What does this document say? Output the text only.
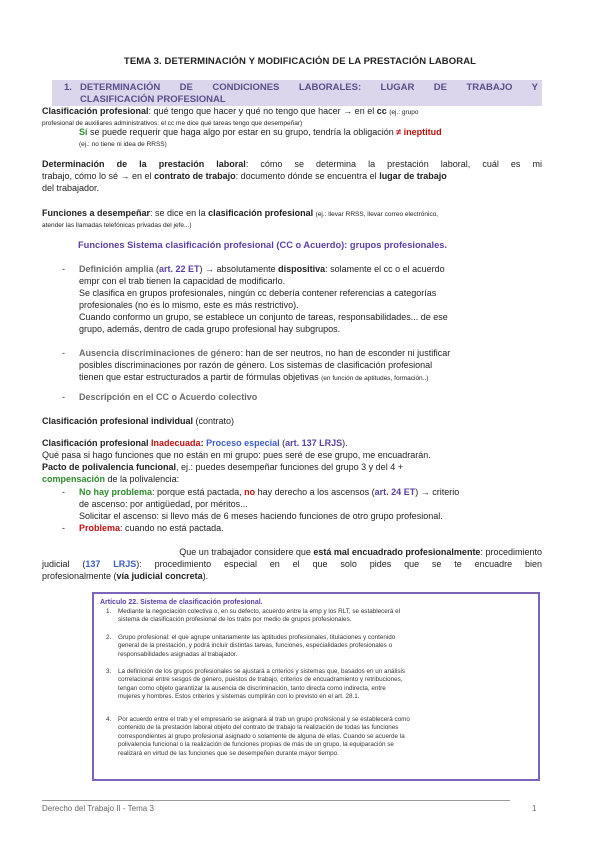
TEMA 3. DETERMINACIÓN Y MODIFICACIÓN DE LA PRESTACIÓN LABORAL
1. DETERMINACIÓN DE CONDICIONES LABORALES: LUGAR DE TRABAJO Y
CLASIFICACIÓN PROFESIONAL
Clasificación profesional: qué tengo que hacer y qué no tengo que hacer → en el cc (ej.: grupo
profesional de auxiliares administrativos: el cc me dice qué tareas tengo que desempeñar)
Sí se puede requerir que haga algo por estar en su grupo, tendría la obligación ≠ ineptitud
(ej.: no tiene ni idea de RRSS)
Determinación de la prestación laboral: cómo se determina la prestación laboral, cuál es mi
trabajo, cómo lo sé → en el contrato de trabajo: documento dónde se encuentra el lugar de trabajo
del trabajador.
Funciones a desempeñar: se dice en la clasificación profesional (ej.: llevar RRSS, llevar correo electrónico,
atender las llamadas telefónicas privadas del jefe...)
Funciones Sistema clasificación profesional (CC o Acuerdo): grupos profesionales.
- Definición amplia (art. 22 ET) → absolutamente dispositiva: solamente el cc o el acuerdo
empr con el trab tienen la capacidad de modificarlo.
Se clasifica en grupos profesionales, ningún cc debería contener referencias a categorías
profesionales (no es lo mismo, este es más restrictivo).
Cuando conformo un grupo, se establece un conjunto de tareas, responsabilidades... de ese
grupo, además, dentro de cada grupo profesional hay subgrupos.
- Ausencia discriminaciones de género: han de ser neutros, no han de esconder ni justificar
posibles discriminaciones por razón de género. Los sistemas de clasificación profesional
tienen que estar estructurados a partir de fórmulas objetivas (en función de aptitudes, formación..)
- Descripción en el CC o Acuerdo colectivo
Clasificación profesional individual (contrato)
Clasificación profesional Inadecuada: Proceso especial (art. 137 LRJS).
Qué pasa si hago funciones que no están en mi grupo: pues seré de ese grupo, me encuadrarán.
Pacto de polivalencia funcional, ej.: puedes desempeñar funciones del grupo 3 y del 4 +
compensación de la polivalencia:
- No hay problema: porque está pactada, no hay derecho a los ascensos (art. 24 ET) → criterio
de ascenso: por antigüedad, por méritos...
Solicitar el ascenso: si llevo más de 6 meses haciendo funciones de otro grupo profesional.
- Problema: cuando no está pactada.
Que un trabajador considere que está mal encuadrado profesionalmente: procedimiento
judicial (137 LRJS): procedimiento especial en el que solo pides que se te encuadre bien
profesionalmente (vía judicial concreta).
Artículo 22. Sistema de clasificación profesional.
1. Mediante la negociación colectiva o, en su defecto, acuerdo entre la emp y los RLT, se establecerá el
sistema de clasificación profesional de los trabs por medio de grupos profesionales.
2. Grupo profesional: el que agrupe unitariamente las aptitudes profesionales, titulaciones y contenido
general de la prestación, y podrá incluir distintas tareas, funciones, especialidades profesionales o
responsabilidades asignadas al trabajador.
3. La definición de los grupos profesionales se ajustará a criterios y sistemas que, basados en un análisis
correlacional entre sesgos de género, puestos de trabajo, criterios de encuadramiento y retribuciones,
tengan como objeto garantizar la ausencia de discriminación, tanto directa como indirecta, entre
mujeres y hombres. Estos criterios y sistemas cumplirán con lo previsto en el art. 28.1.
4. Por acuerdo entre el trab y el empresario se asignará al trab un grupo profesional y se establecerá como
contenido de la prestación laboral objeto del contrato de trabajo la realización de todas las funciones
correspondientes al grupo profesional asignado o solamente de alguna de ellas. Cuando se acuerde la
polivalencia funcional o la realización de funciones propias de más de un grupo, la equiparación se
realizará en virtud de las funciones que se desempeñen durante mayor tiempo.
Derecho del Trabajo II - Tema 3	1
